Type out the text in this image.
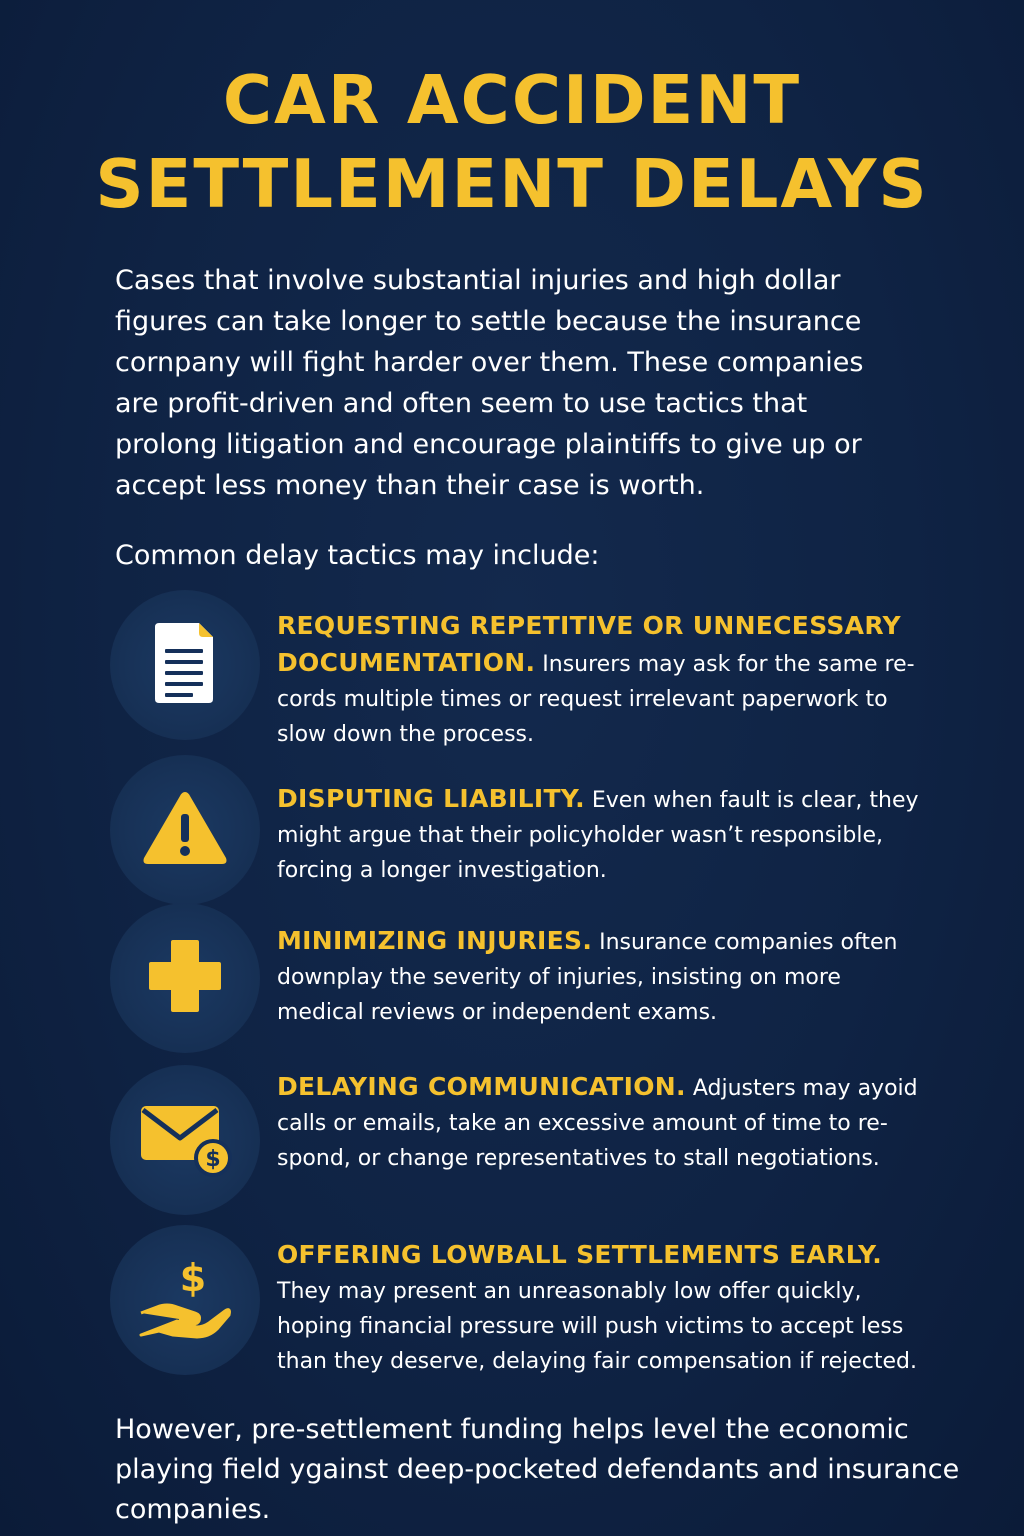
CAR ACCIDENT
SETTLEMENT DELAYS

Cases that involve substantial injuries and high dollar figures can take longer to settle because the insurance cornpany will fight harder over them. These companies are profit-driven and often seem to use tactics that prolong litigation and encourage plaintiffs to give up or accept less money than their case is worth.

Common delay tactics may include:

REQUESTING REPETITIVE OR UNNECESSARY DOCUMENTATION. Insurers may ask for the same re-cords multiple times or request irrelevant paperwork to slow down the process.

DISPUTING LIABILITY. Even when fault is clear, they might argue that their policyholder wasn’t responsible, forcing a longer investigation.

MINIMIZING INJURIES. Insurance companies often downplay the severity of injuries, insisting on more medical reviews or independent exams.

$

DELAYING COMMUNICATION. Adjusters may ayoid calls or emails, take an excessive amount of time to re-spond, or change representatives to stall negotiations.

$

OFFERING LOWBALL SETTLEMENTS EARLY. They may present an unreasonably low offer quickly, hoping financial pressure will push victims to accept less than they deserve, delaying fair compensation if rejected.

However, pre-settlement funding helps level the economic playing field ygainst deep-pocketed defendants and insurance companies.
